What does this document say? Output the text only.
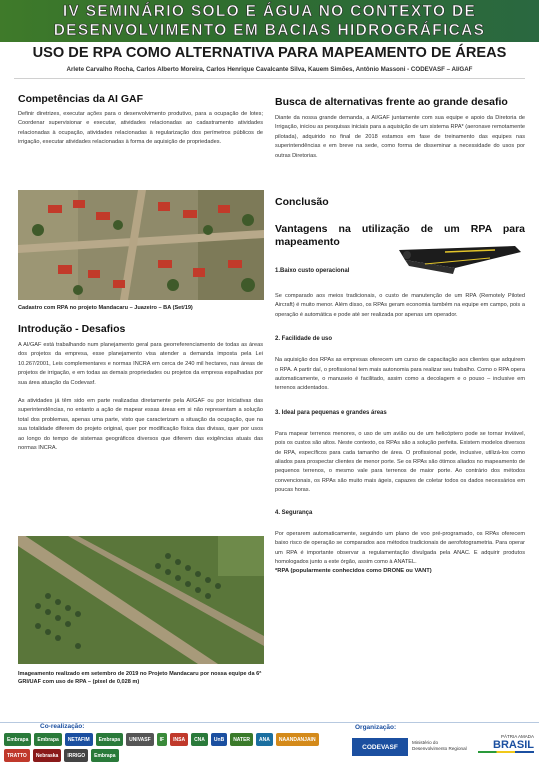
IV SEMINÁRIO SOLO E ÁGUA NO CONTEXTO DE
DESENVOLVIMENTO EM BACIAS HIDROGRÁFICAS
USO DE RPA COMO ALTERNATIVA PARA MAPEAMENTO DE ÁREAS
Arlete Carvalho Rocha, Carlos Alberto Moreira, Carlos Henrique Cavalcante Silva, Kauem Simões, Antônio Massoni - CODEVASF – AI/GAF
Competências da AI GAF
Definir diretrizes, executar ações para o desenvolvimento produtivo, para a ocupação de lotes; Coordenar supervisionar e executar, atividades relacionadas ao cadastramento atividades relacionadas à ocupação, atividades relacionadas à regularização dos perímetros públicos de irrigação, executar atividades relacionadas à forma de aquisição de propriedades.
Cadastro com RPA no projeto Mandacaru – Juazeiro – BA (Set/19)
Introdução - Desafios
A AI/GAF está trabalhando num planejamento geral para georreferenciamento de todas as áreas dos projetos da empresa, esse planejamento visa atender a demanda imposta pela Lei 10.267/2001, Leis complementares e normas INCRA em cerca de 240 mil hectares, nas áreas de projetos de irrigação, e em todas as demais propriedades ou projetos da empresa espalhadas por sua área atuação da Codevasf.
As atividades já têm sido em parte realizadas diretamente pela AI/GAF ou por iniciativas das superintendências, no entanto a ação de mapear essas áreas em si não representam a solução total dos problemas, apenas uma parte, visto que caracterizam a situação da ocupação, que na sua totalidade diferem do projeto original, quer por modificação física das divisas, quer por usos ao longo do tempo de sistemas geográficos diversos que diferem das exigências atuais das normas INCRA.
Imageamento realizado em setembro de 2019 no Projeto Mandacaru por nossa equipe da 6ª GRI/UAF com uso de RPA – (pixel de 0,028 m)
Busca de alternativas frente ao grande desafio
Diante da nossa grande demanda, a AI/GAF juntamente com sua equipe e apoio da Diretoria de Irrigação, iniciou as pesquisas iniciais para a aquisição de um sistema RPA* (aeronave remotamente pilotada), adquirido no final de 2018 estamos em fase de treinamento das equipes nas superintendências e em breve na sede, como forma de disseminar a necessidade do usos por outras Diretorias.
Conclusão
Vantagens na utilização de um RPA para mapeamento
1.Baixo custo operacional
Se comparado aos meios tradicionais, o custo de manutenção de um RPA (Remotely Piloted Aircraft) é muito menor. Além disso, os RPAs geram economia também na equipe em campo, pois a operação é automática e pode até ser realizada por apenas um operador.
2. Facilidade de uso
Na aquisição dos RPAs as empresas oferecem um curso de capacitação aos clientes que adquirem o RPA. A partir daí, o profissional tem mais autonomia para realizar seu trabalho. Como o RPA opera automaticamente, o manuseio é facilitado, assim como a decolagem e o pouso – inclusive em terrenos acidentados.
3. Ideal para pequenas e grandes áreas
Para mapear terrenos menores, o uso de um avião ou de um helicóptero pode se tornar inviável, pois os custos são altos. Neste contexto, os RPAs são a solução perfeita. Existem modelos diversos de RPA, específicos para cada tamanho de área. O profissional pode, inclusive, utilizá-los como aliados para prospectar clientes de menor porte. Se os RPAs são ótimos aliados no mapeamento de pequenos terrenos, o mesmo vale para terrenos de maior porte. Ao contrário dos métodos convencionais, os RPAs são muito mais ágeis, capazes de coletar todos os dados necessários em poucas horas.
4. Segurança
Por operarem automaticamente, seguindo um plano de voo pré-programado, os RPAs oferecem baixo risco de operação se comparados aos métodos tradicionais de aerofotogrametria. Para operar um RPA é importante observar a regulamentação divulgada pela ANAC. E adquirir produtos homologados junto a este órgão, assim como à ANATEL.
*RPA (popularmente conhecidos como DRONE ou VANT)
Co-realização:	Organização:
Embrapa	Embrapa	NETAFIM	Embrapa	UNIVASF	IF	INSA	CNA	UnB	NATER	ANA	NAANDANJAIN
TRATTO	Nebraska	IRRIGO	Embrapa
CODEVASF
Ministério do Desenvolvimento Regional
PÁTRIA AMADA
BRASIL
